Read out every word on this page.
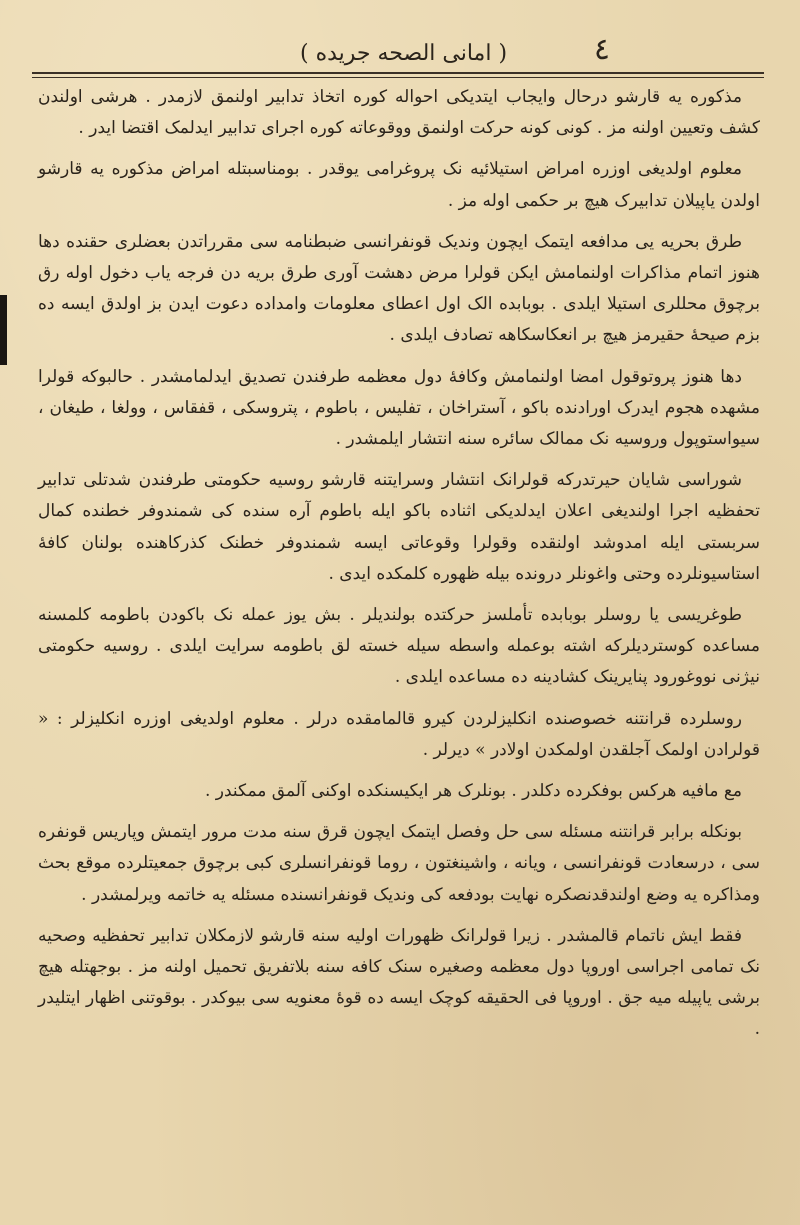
( امانی الصحه جریده )	٤

مذکوره یه قارشو درحال وایجاب ایتدیکی احواله کوره اتخاذ تدابیر اولنمق لازمدر . هرشی اولندن کشف وتعیین اولنه مز . کونی کونه حرکت اولنمق ووقوعاته کوره اجرای تدابیر ایدلمک اقتضا ایدر .

معلوم اولدیغی اوزره امراض استیلائیه نک پروغرامی یوقدر . بومناسبتله امراض مذکوره یه قارشو اولدن یاپیلان تدابیرک هیچ بر حکمی اوله مز .

طرق بحریه یی مدافعه ایتمک ایچون وندیک قونفرانسی ضبطنامه سی مقرراتدن بعضلری حقنده دها هنوز اتمام مذاکرات اولنمامش ایکن قولرا مرض دهشت آوری طرق بریه دن فرجه یاب دخول اوله رق برچوق محللری استیلا ایلدی . بوبابده الک اول اعطای معلومات وامداده دعوت ایدن بز اولدق ایسه ده بزم صیحهٔ حقیرمز هیچ بر انعکاسکاهه تصادف ایلدی .

دها هنوز پروتوقول امضا اولنمامش وکافهٔ دول معظمه طرفندن تصدیق ایدلمامشدر . حالبوکه قولرا مشهده هجوم ایدرک اورادنده باکو ، آستراخان ، تفلیس ، باطوم ، پتروسکی ، قفقاس ، وولغا ، طیغان ، سیواستوپول وروسیه نک ممالک سائره سنه انتشار ایلمشدر .

شوراسی شایان حیرتدرکه قولرانک انتشار وسرایتنه قارشو روسیه حکومتی طرفندن شدتلی تدابیر تحفظیه اجرا اولندیغی اعلان ایدلدیکی اثناده باکو ایله باطوم آره سنده کی شمندوفر خطنده کمال سربستی ایله امدوشد اولنقده وقولرا وقوعاتی ایسه شمندوفر خطنک کذرکاهنده بولنان کافهٔ استاسیونلرده وحتی واغونلر درونده بیله ظهوره کلمکده ایدی .

طوغریسی یا روسلر بوبابده تأملسز حرکتده بولندیلر . بش یوز عمله نک باکودن باطومه کلمسنه مساعده کوستردیلرکه اشته بوعمله واسطه سیله خسته لق باطومه سرایت ایلدی . روسیه حکومتی نیژنی نووغورود پنایرینک کشادینه ده مساعده ایلدی .

روسلرده قرانتنه خصوصنده انکلیزلردن کیرو قالمامقده درلر . معلوم اولدیغی اوزره انکلیزلر : « قولرادن اولمک آجلقدن اولمکدن اولادر » دیرلر .

مع مافیه هرکس بوفکرده دکلدر . بونلرک هر ایکیسنکده اوکنی آلمق ممکندر .

بونکله برابر قرانتنه مسئله سی حل وفصل ایتمک ایچون قرق سنه مدت مرور ایتمش وپاریس قونفره سی ، درسعادت قونفرانسی ، ویانه ، واشینغتون ، روما قونفرانسلری کبی برچوق جمعیتلرده موقع بحث ومذاکره یه وضع اولندقدنصکره نهایت بودفعه کی وندیک قونفرانسنده مسئله یه خاتمه ویرلمشدر .

فقط ایش ناتمام قالمشدر . زیرا قولرانک ظهورات اولیه سنه قارشو لازمکلان تدابیر تحفظیه وصحیه نک تمامی اجراسی اوروپا دول معظمه وصغیره سنک کافه سنه بلاتفریق تحمیل اولنه مز . بوجهتله هیچ برشی یاپیله میه جق . اوروپا فی الحقیقه کوچک ایسه ده قوهٔ معنویه سی بیوکدر . بوقوتنی اظهار ایتلیدر .
